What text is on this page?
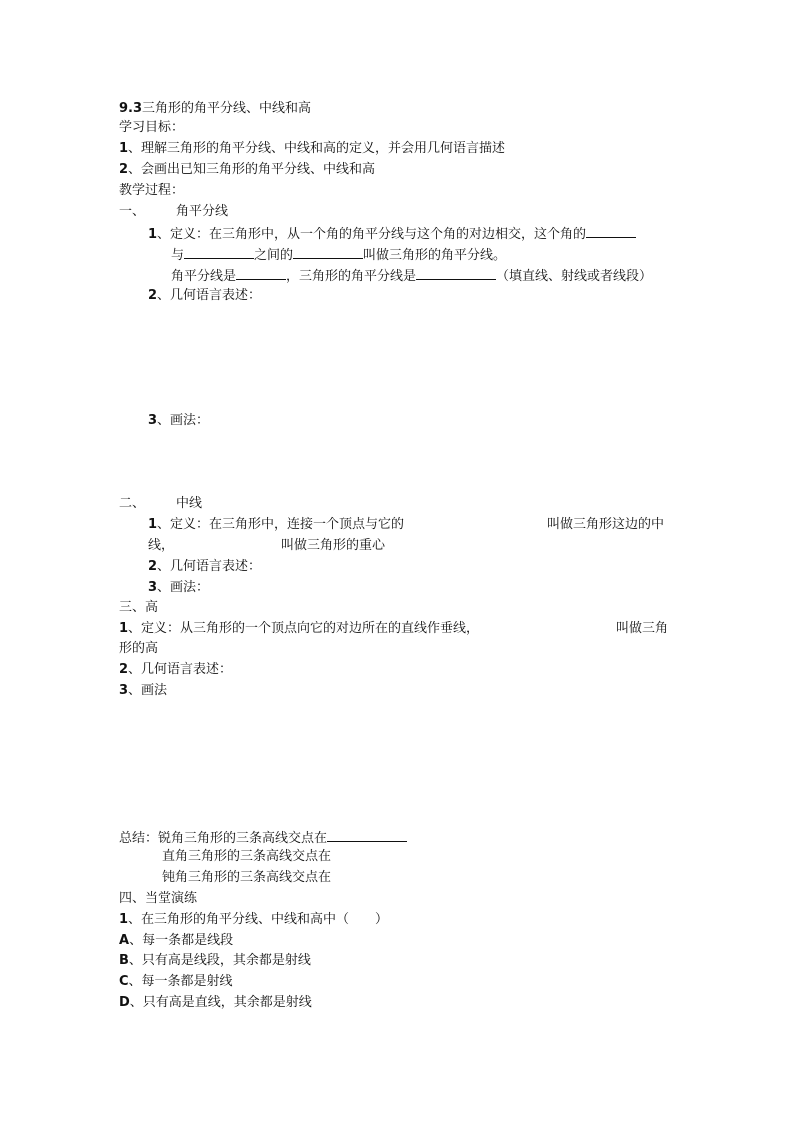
9.3三角形的角平分线、中线和高
学习目标：
1、理解三角形的角平分线、中线和高的定义，并会用几何语言描述
2、会画出已知三角形的角平分线、中线和高
教学过程：
一、 角平分线
1、定义：在三角形中，从一个角的角平分线与这个角的对边相交，这个角的
与	之间的	叫做三角形的角平分线。
角平分线是	，三角形的角平分线是	（填直线、射线或者线段）
2、几何语言表述：
3、画法：
二、 中线
1、定义：在三角形中，连接一个顶点与它的	叫做三角形这边的中
线，	叫做三角形的重心
2、几何语言表述：
3、画法：
三、高
1、定义：从三角形的一个顶点向它的对边所在的直线作垂线，	叫做三角
形的高
2、几何语言表述：
3、画法
总结：锐角三角形的三条高线交点在
直角三角形的三条高线交点在
钝角三角形的三条高线交点在
四、当堂演练
1、在三角形的角平分线、中线和高中（　　）
A、每一条都是线段
B、只有高是线段，其余都是射线
C、每一条都是射线
D、只有高是直线，其余都是射线
